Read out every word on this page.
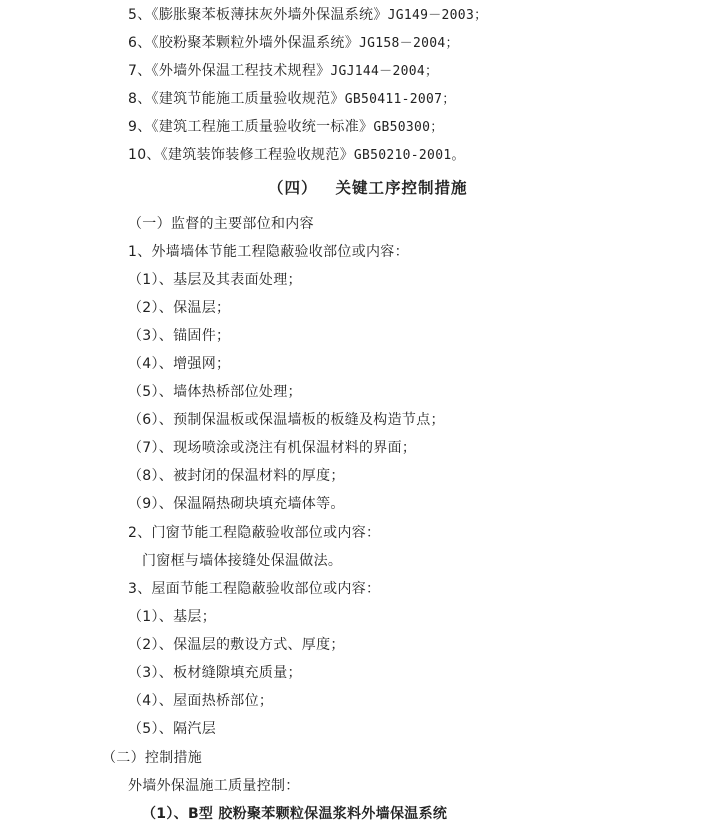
5、《膨胀聚苯板薄抹灰外墙外保温系统》JG149－2003；
6、《胶粉聚苯颗粒外墙外保温系统》JG158－2004；
7、《外墙外保温工程技术规程》JGJ144－2004；
8、《建筑节能施工质量验收规范》GB50411-2007；
9、《建筑工程施工质量验收统一标准》GB50300；
10、《建筑装饰装修工程验收规范》GB50210-2001。
（四） 关键工序控制措施
（一）监督的主要部位和内容
1、外墙墙体节能工程隐蔽验收部位或内容：
（1）、基层及其表面处理；
（2）、保温层；
（3）、锚固件；
（4）、增强网；
（5）、墙体热桥部位处理；
（6）、预制保温板或保温墙板的板缝及构造节点；
（7）、现场喷涂或浇注有机保温材料的界面；
（8）、被封闭的保温材料的厚度；
（9）、保温隔热砌块填充墙体等。
2、门窗节能工程隐蔽验收部位或内容：
门窗框与墙体接缝处保温做法。
3、屋面节能工程隐蔽验收部位或内容：
（1）、基层；
（2）、保温层的敷设方式、厚度；
（3）、板材缝隙填充质量；
（4）、屋面热桥部位；
（5）、隔汽层
（二）控制措施
外墙外保温施工质量控制：
（1）、B型 胶粉聚苯颗粒保温浆料外墙保温系统
